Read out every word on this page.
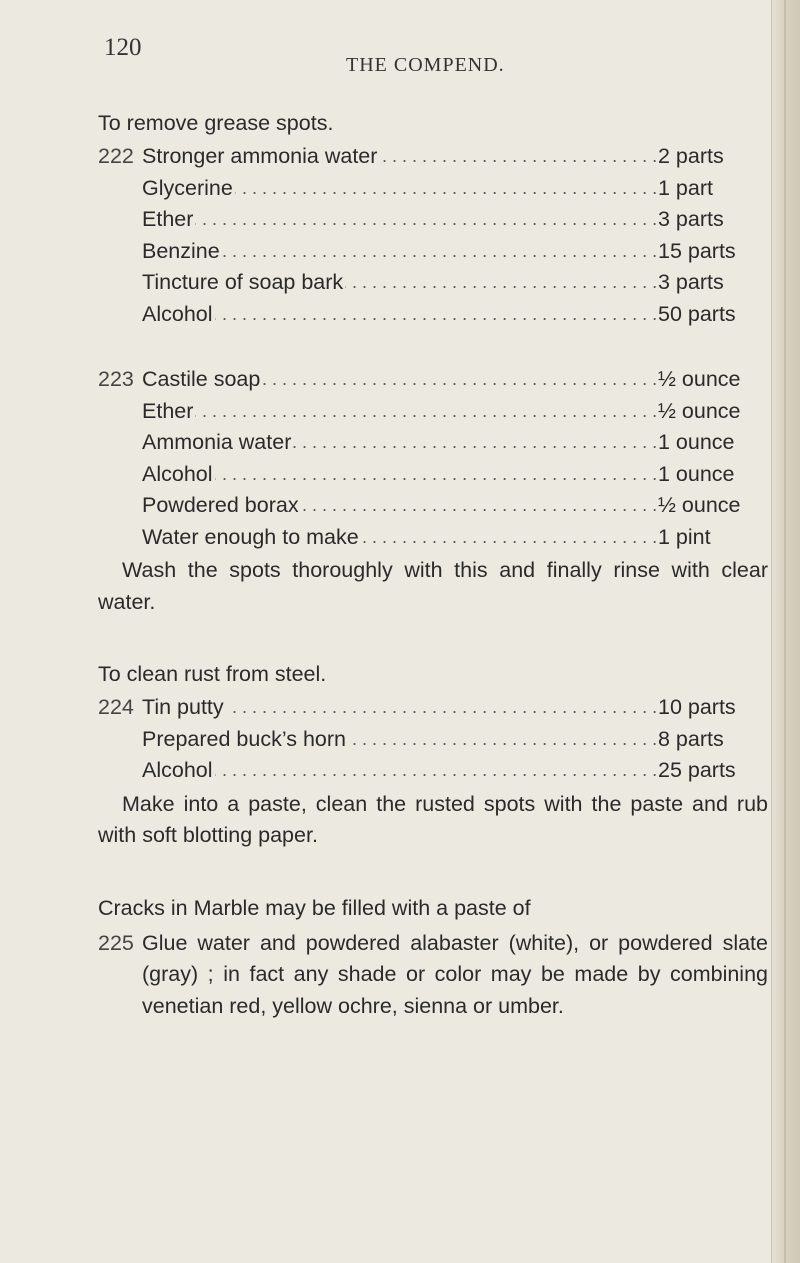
120
THE COMPEND.
To remove grease spots.
222 Stronger ammonia water . . .	2 parts
Glycerine . . .	1 part
Ether . . .	3 parts
Benzine . . .	15 parts
Tincture of soap bark . . .	3 parts
Alcohol . . .	50 parts
223 Castile soap . . .	½ ounce
Ether . . .	½ ounce
Ammonia water . . .	1 ounce
Alcohol . . .	1 ounce
Powdered borax . . .	½ ounce
Water enough to make . . .	1 pint
Wash the spots thoroughly with this and finally rinse with clear water.
To clean rust from steel.
224 Tin putty . . .	10 parts
Prepared buck’s horn . . .	8 parts
Alcohol . . .	25 parts
Make into a paste, clean the rusted spots with the paste and rub with soft blotting paper.
Cracks in Marble may be filled with a paste of
225 Glue water and powdered alabaster (white), or powdered slate (gray) ; in fact any shade or color may be made by combining venetian red, yellow ochre, sienna or umber.
